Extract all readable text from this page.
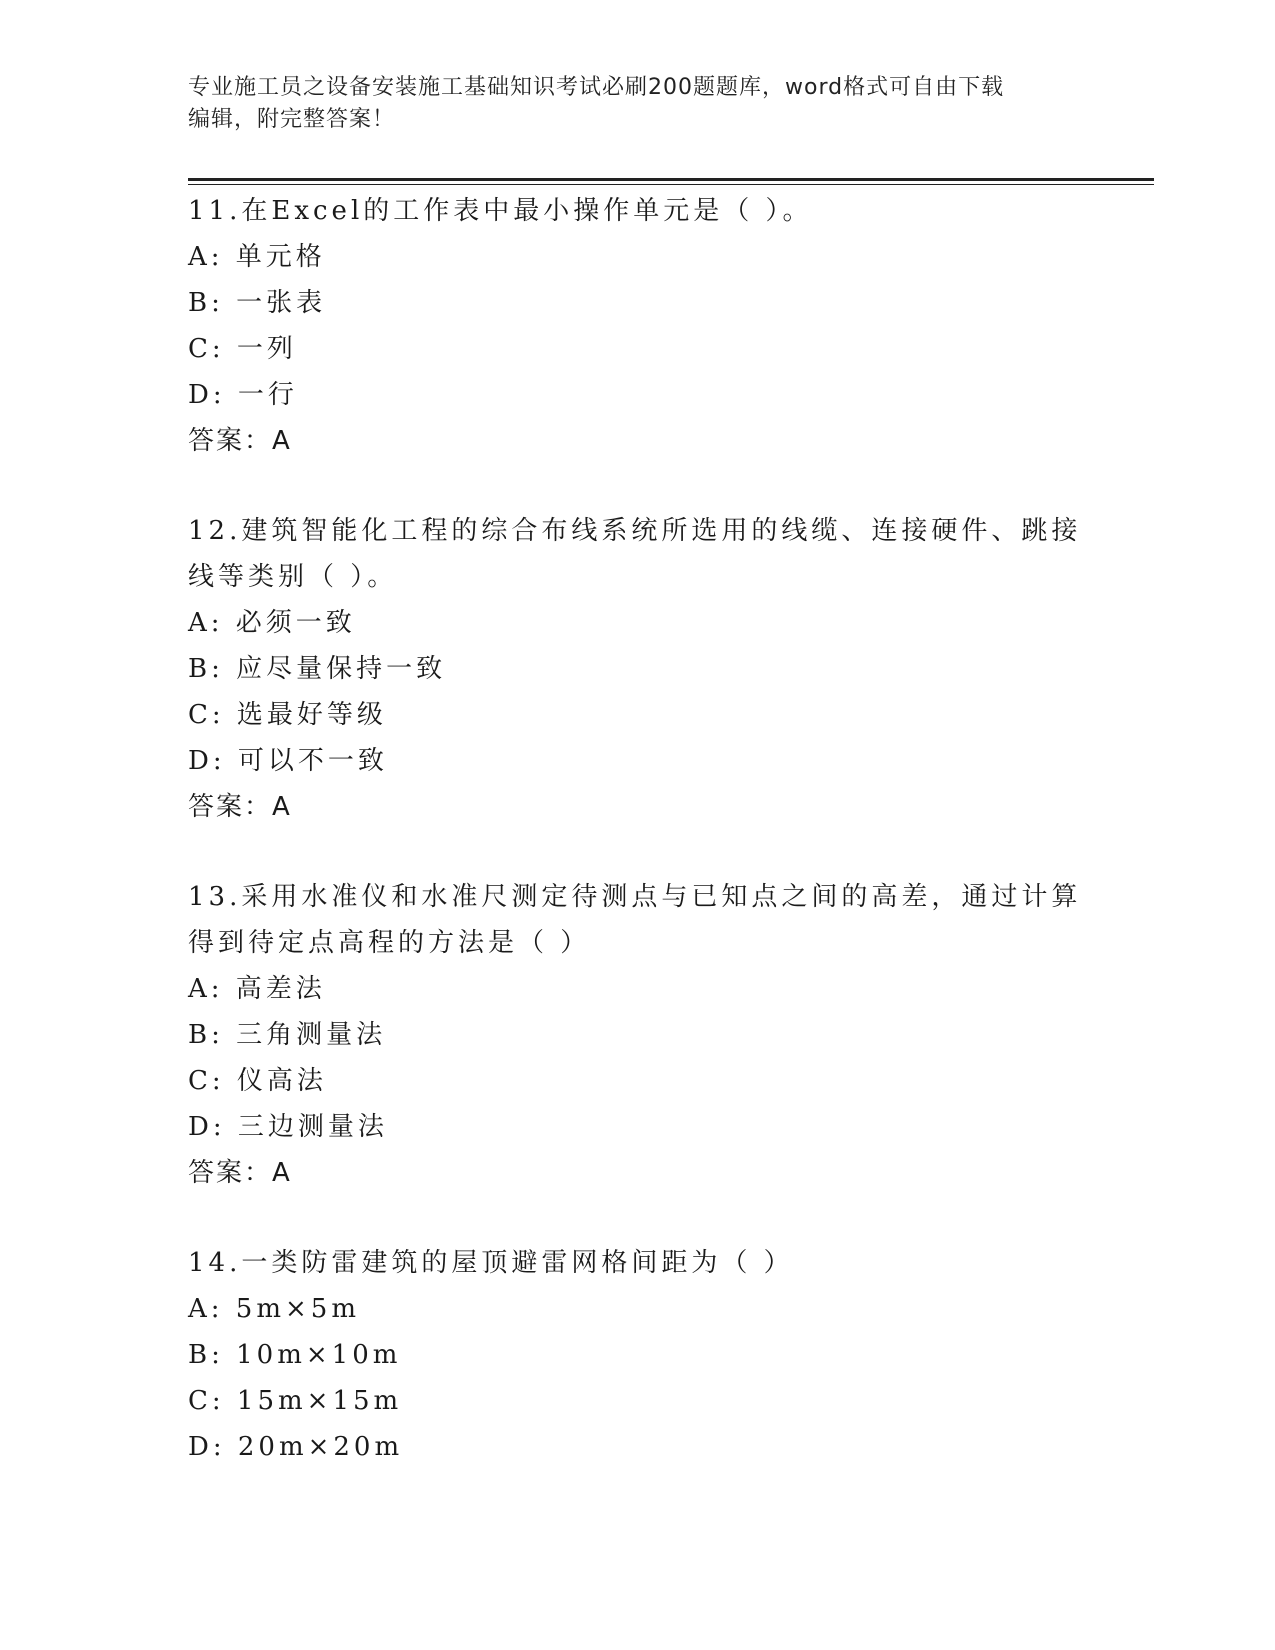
专业施工员之设备安装施工基础知识考试必刷200题题库，word格式可自由下载
编辑，附完整答案！
11.在Excel的工作表中最小操作单元是（ ）。
A: 单元格
B: 一张表
C: 一列
D: 一行
答案：A
12.建筑智能化工程的综合布线系统所选用的线缆、连接硬件、跳接线等类别（ ）。
A: 必须一致
B: 应尽量保持一致
C: 选最好等级
D: 可以不一致
答案：A
13.采用水准仪和水准尺测定待测点与已知点之间的高差，通过计算得到待定点高程的方法是（ ）
A: 高差法
B: 三角测量法
C: 仪高法
D: 三边测量法
答案：A
14.一类防雷建筑的屋顶避雷网格间距为（ ）
A: 5m×5m
B: 10m×10m
C: 15m×15m
D: 20m×20m
